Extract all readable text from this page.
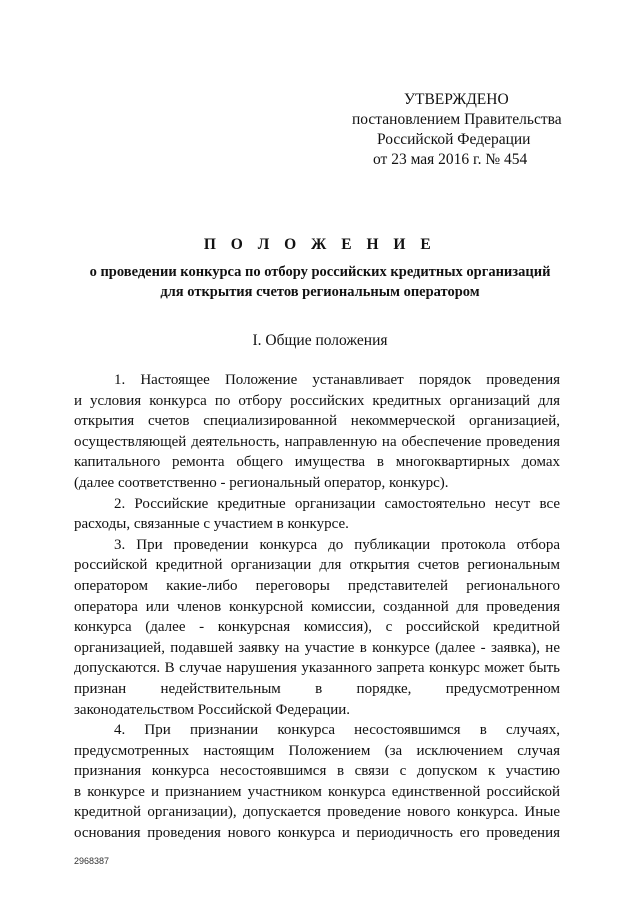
УТВЕРЖДЕНО
постановлением Правительства
Российской Федерации
от 23 мая 2016 г. № 454
П О Л О Ж Е Н И Е
о проведении конкурса по отбору российских кредитных организаций
для открытия счетов региональным оператором
I. Общие положения
1. Настоящее Положение устанавливает порядок проведения
и условия конкурса по отбору российских кредитных организаций для
открытия счетов специализированной некоммерческой организацией,
осуществляющей деятельность, направленную на обеспечение проведения
капитального ремонта общего имущества в многоквартирных домах
(далее соответственно - региональный оператор, конкурс).
2. Российские кредитные организации самостоятельно несут все
расходы, связанные с участием в конкурсе.
3. При проведении конкурса до публикации протокола отбора
российской кредитной организации для открытия счетов региональным
оператором какие-либо переговоры представителей регионального
оператора или членов конкурсной комиссии, созданной для проведения
конкурса (далее - конкурсная комиссия), с российской кредитной
организацией, подавшей заявку на участие в конкурсе (далее - заявка), не
допускаются. В случае нарушения указанного запрета конкурс может быть
признан недействительным в порядке, предусмотренном
законодательством Российской Федерации.
4. При признании конкурса несостоявшимся в случаях,
предусмотренных настоящим Положением (за исключением случая
признания конкурса несостоявшимся в связи с допуском к участию
в конкурсе и признанием участником конкурса единственной российской
кредитной организации), допускается проведение нового конкурса. Иные
основания проведения нового конкурса и периодичность его проведения
2968387
